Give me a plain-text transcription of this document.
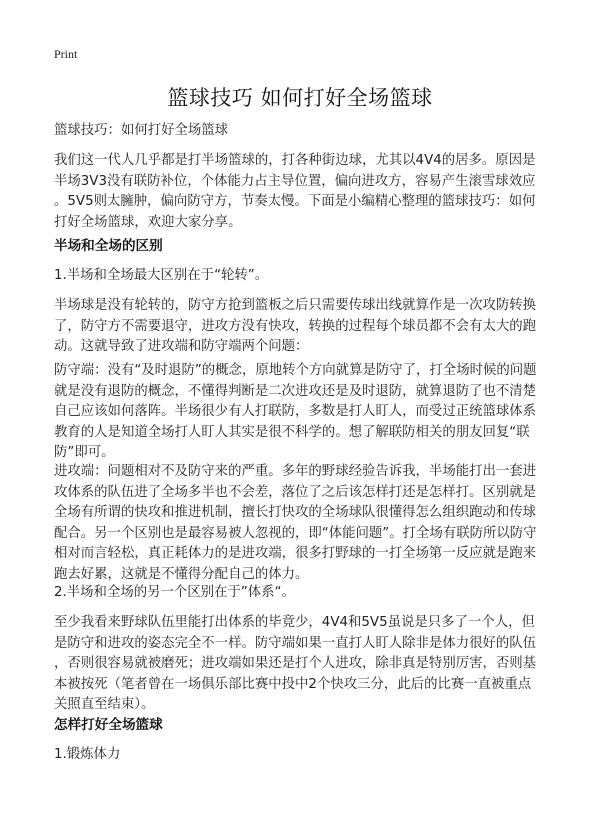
Print
篮球技巧 如何打好全场篮球
篮球技巧：如何打好全场篮球
我们这一代人几乎都是打半场篮球的，打各种街边球，尤其以4V4的居多。原因是
半场3V3没有联防补位，个体能力占主导位置，偏向进攻方，容易产生滚雪球效应
。5V5则太臃肿，偏向防守方，节奏太慢。下面是小编精心整理的篮球技巧：如何
打好全场篮球，欢迎大家分享。
半场和全场的区别
1.半场和全场最大区别在于“轮转”。
半场球是没有轮转的，防守方抢到篮板之后只需要传球出线就算作是一次攻防转换
了，防守方不需要退守，进攻方没有快攻，转换的过程每个球员都不会有太大的跑
动。这就导致了进攻端和防守端两个问题：
防守端：没有“及时退防”的概念，原地转个方向就算是防守了，打全场时候的问题
就是没有退防的概念，不懂得判断是二次进攻还是及时退防，就算退防了也不清楚
自己应该如何落阵。半场很少有人打联防，多数是打人盯人，而受过正统篮球体系
教育的人是知道全场打人盯人其实是很不科学的。想了解联防相关的朋友回复“联
防”即可。
进攻端：问题相对不及防守来的严重。多年的野球经验告诉我，半场能打出一套进
攻体系的队伍进了全场多半也不会差，落位了之后该怎样打还是怎样打。区别就是
全场有所谓的快攻和推进机制，擅长打快攻的全场球队很懂得怎么组织跑动和传球
配合。另一个区别也是最容易被人忽视的，即“体能问题”。打全场有联防所以防守
相对而言轻松，真正耗体力的是进攻端，很多打野球的一打全场第一反应就是跑来
跑去好累，这就是不懂得分配自己的体力。
2.半场和全场的另一个区别在于”体系“。
至少我看来野球队伍里能打出体系的毕竟少，4V4和5V5虽说是只多了一个人，但
是防守和进攻的姿态完全不一样。防守端如果一直打人盯人除非是体力很好的队伍
，否则很容易就被磨死；进攻端如果还是打个人进攻，除非真是特别厉害，否则基
本被按死（笔者曾在一场俱乐部比赛中投中2个快攻三分，此后的比赛一直被重点
关照直至结束）。
怎样打好全场篮球
1.锻炼体力
